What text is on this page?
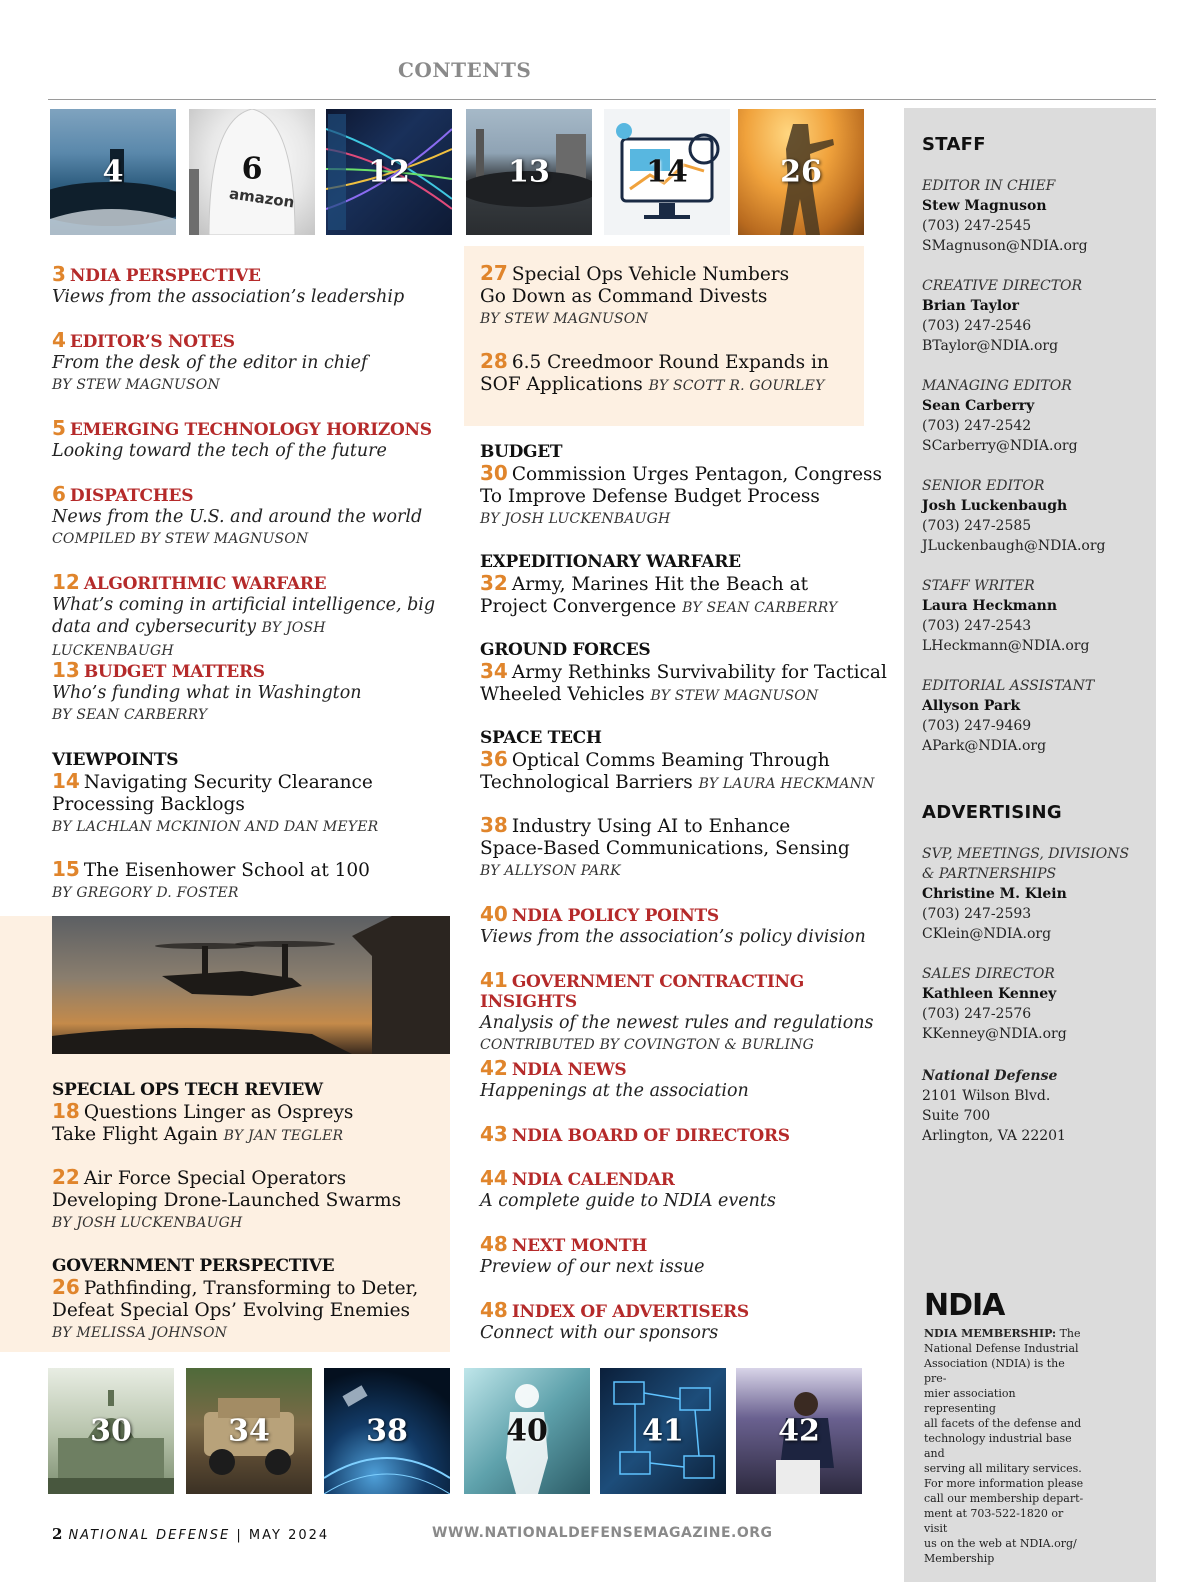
CONTENTS
4	6
amazon
12	13	14	26
3 NDIA PERSPECTIVE
Views from the association’s leadership
4 EDITOR’S NOTES
From the desk of the editor in chief
BY STEW MAGNUSON
5 EMERGING TECHNOLOGY HORIZONS
Looking toward the tech of the future
6 DISPATCHES
News from the U.S. and around the world
COMPILED BY STEW MAGNUSON
12 ALGORITHMIC WARFARE
What’s coming in artificial intelligence, big
data and cybersecurity BY JOSH LUCKENBAUGH
13 BUDGET MATTERS
Who’s funding what in Washington
BY SEAN CARBERRY
VIEWPOINTS
14 Navigating Security Clearance
Processing Backlogs
BY LACHLAN MCKINION AND DAN MEYER
15 The Eisenhower School at 100
BY GREGORY D. FOSTER
SPECIAL OPS TECH REVIEW
18 Questions Linger as Ospreys
Take Flight Again BY JAN TEGLER
22 Air Force Special Operators
Developing Drone-Launched Swarms
BY JOSH LUCKENBAUGH
GOVERNMENT PERSPECTIVE
26 Pathfinding, Transforming to Deter,
Defeat Special Ops’ Evolving Enemies
BY MELISSA JOHNSON
27 Special Ops Vehicle Numbers
Go Down as Command Divests
BY STEW MAGNUSON
28 6.5 Creedmoor Round Expands in
SOF Applications BY SCOTT R. GOURLEY
BUDGET
30 Commission Urges Pentagon, Congress
To Improve Defense Budget Process
BY JOSH LUCKENBAUGH
EXPEDITIONARY WARFARE
32 Army, Marines Hit the Beach at
Project Convergence BY SEAN CARBERRY
GROUND FORCES
34 Army Rethinks Survivability for Tactical
Wheeled Vehicles BY STEW MAGNUSON
SPACE TECH
36 Optical Comms Beaming Through
Technological Barriers BY LAURA HECKMANN
38 Industry Using AI to Enhance
Space-Based Communications, Sensing
BY ALLYSON PARK
40 NDIA POLICY POINTS
Views from the association’s policy division
41 GOVERNMENT CONTRACTING INSIGHTS
Analysis of the newest rules and regulations
CONTRIBUTED BY COVINGTON & BURLING
42 NDIA NEWS
Happenings at the association
43 NDIA BOARD OF DIRECTORS
44 NDIA CALENDAR
A complete guide to NDIA events
48 NEXT MONTH
Preview of our next issue
48 INDEX OF ADVERTISERS
Connect with our sponsors
30	34	38	40	41	42
STAFF
EDITOR IN CHIEF
Stew Magnuson
(703) 247-2545
SMagnuson@NDIA.org
CREATIVE DIRECTOR
Brian Taylor
(703) 247-2546
BTaylor@NDIA.org
MANAGING EDITOR
Sean Carberry
(703) 247-2542
SCarberry@NDIA.org
SENIOR EDITOR
Josh Luckenbaugh
(703) 247-2585
JLuckenbaugh@NDIA.org
STAFF WRITER
Laura Heckmann
(703) 247-2543
LHeckmann@NDIA.org
EDITORIAL ASSISTANT
Allyson Park
(703) 247-9469
APark@NDIA.org
ADVERTISING
SVP, MEETINGS, DIVISIONS
& PARTNERSHIPS
Christine M. Klein
(703) 247-2593
CKlein@NDIA.org
SALES DIRECTOR
Kathleen Kenney
(703) 247-2576
KKenney@NDIA.org
National Defense
2101 Wilson Blvd.
Suite 700
Arlington, VA 22201
NDIA
NDIA MEMBERSHIP: The
National Defense Industrial
Association (NDIA) is the pre-
mier association representing
all facets of the defense and
technology industrial base and
serving all military services.
For more information please
call our membership depart-
ment at 703-522-1820 or visit
us on the web at NDIA.org/
Membership
2 NATIONAL DEFENSE | MAY 2024	WWW.NATIONALDEFENSEMAGAZINE.ORG
